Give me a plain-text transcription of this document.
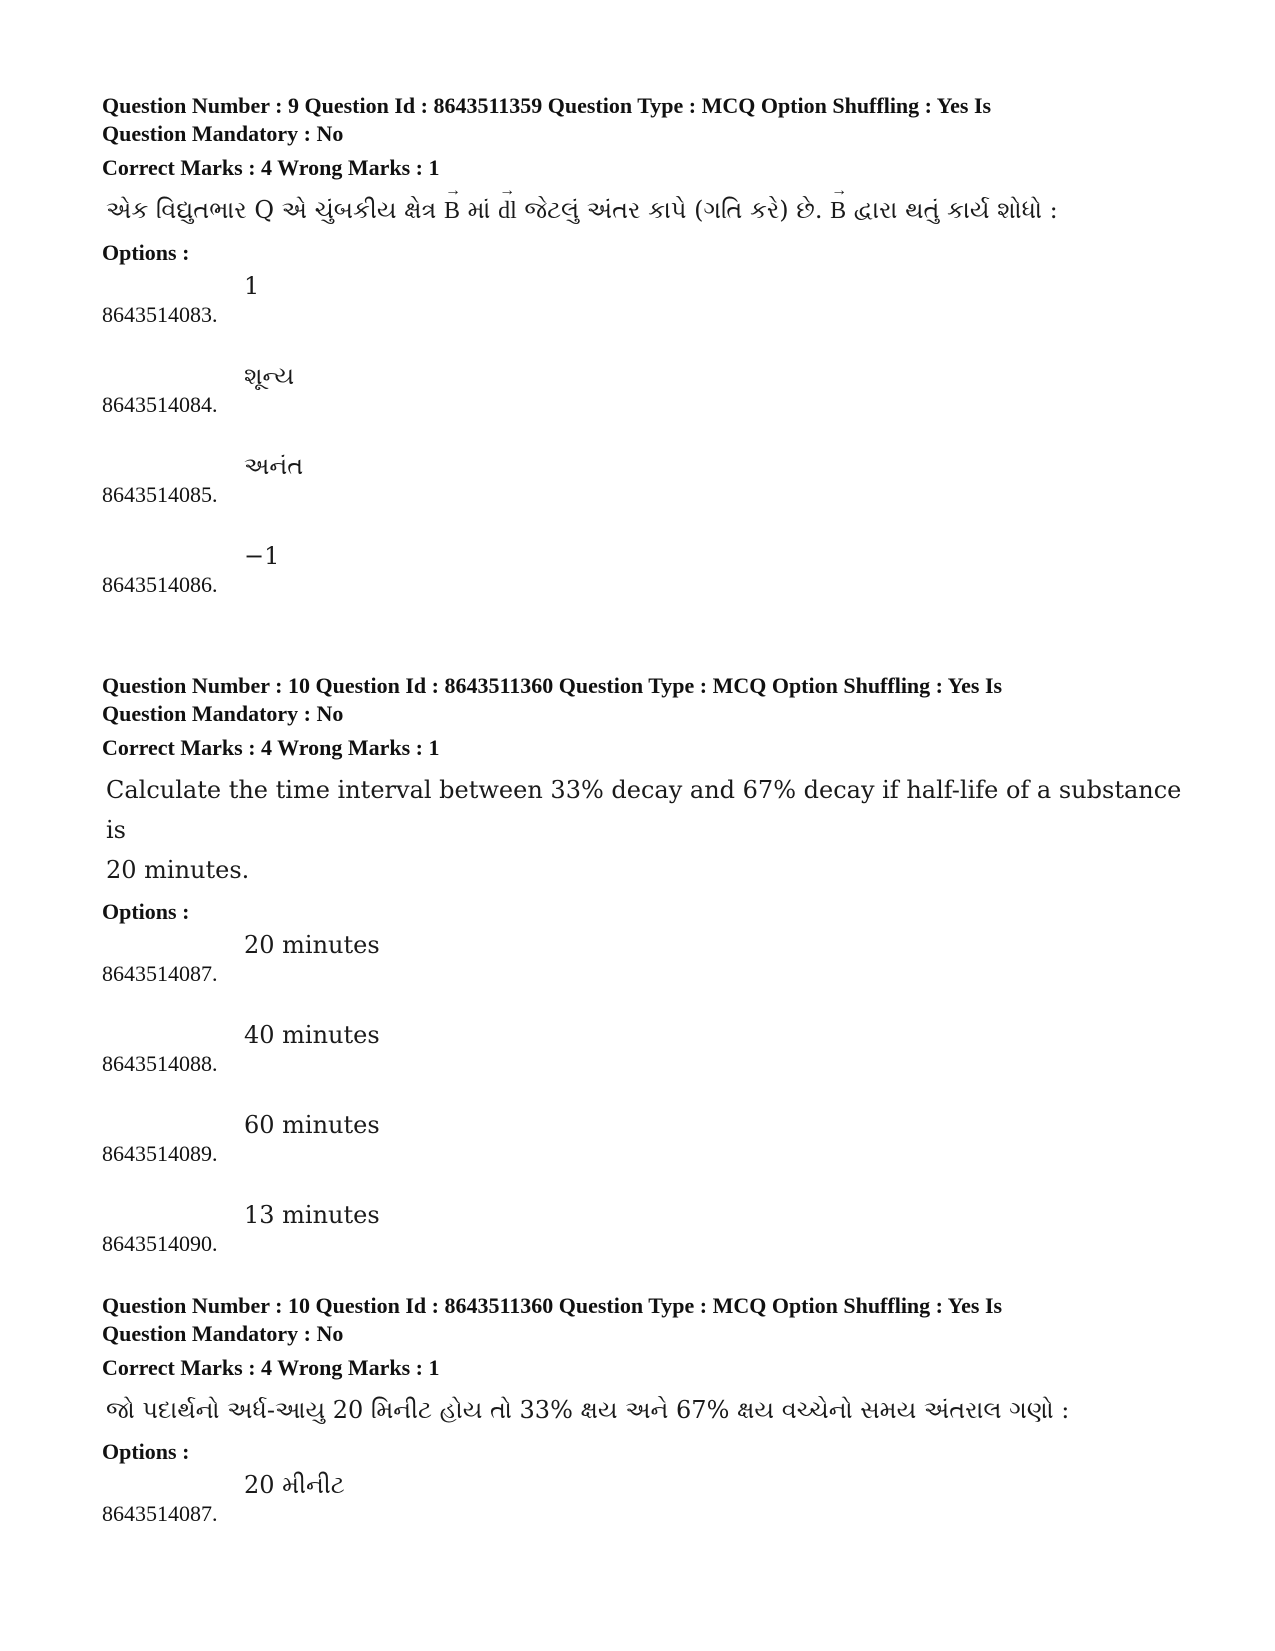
Question Number : 9 Question Id : 8643511359 Question Type : MCQ Option Shuffling : Yes Is
Question Mandatory : No
Correct Marks : 4 Wrong Marks : 1
એક વિદ્યુતભાર Q એ ચુંબકીય ક્ષેત્ર → B માં → dl જેટલું અંતર કાપે (ગતિ કરે) છે. → B દ્વારા થતું કાર્ય શોધો :
Options :
8643514083.
1
8643514084.
શૂન્ય
8643514085.
અનંત
8643514086.
−1
Question Number : 10 Question Id : 8643511360 Question Type : MCQ Option Shuffling : Yes Is
Question Mandatory : No
Correct Marks : 4 Wrong Marks : 1
Calculate the time interval between 33% decay and 67% decay if half-life of a substance is
20 minutes.
Options :
8643514087.
20 minutes
8643514088.
40 minutes
8643514089.
60 minutes
8643514090.
13 minutes
Question Number : 10 Question Id : 8643511360 Question Type : MCQ Option Shuffling : Yes Is
Question Mandatory : No
Correct Marks : 4 Wrong Marks : 1
જો પદાર્થનો અર્ધ-આયુ 20 મિનીટ હોય તો 33% ક્ષય અને 67% ક્ષય વચ્ચેનો સમય અંતરાલ ગણો :
Options :
8643514087.
20 મીનીટ
